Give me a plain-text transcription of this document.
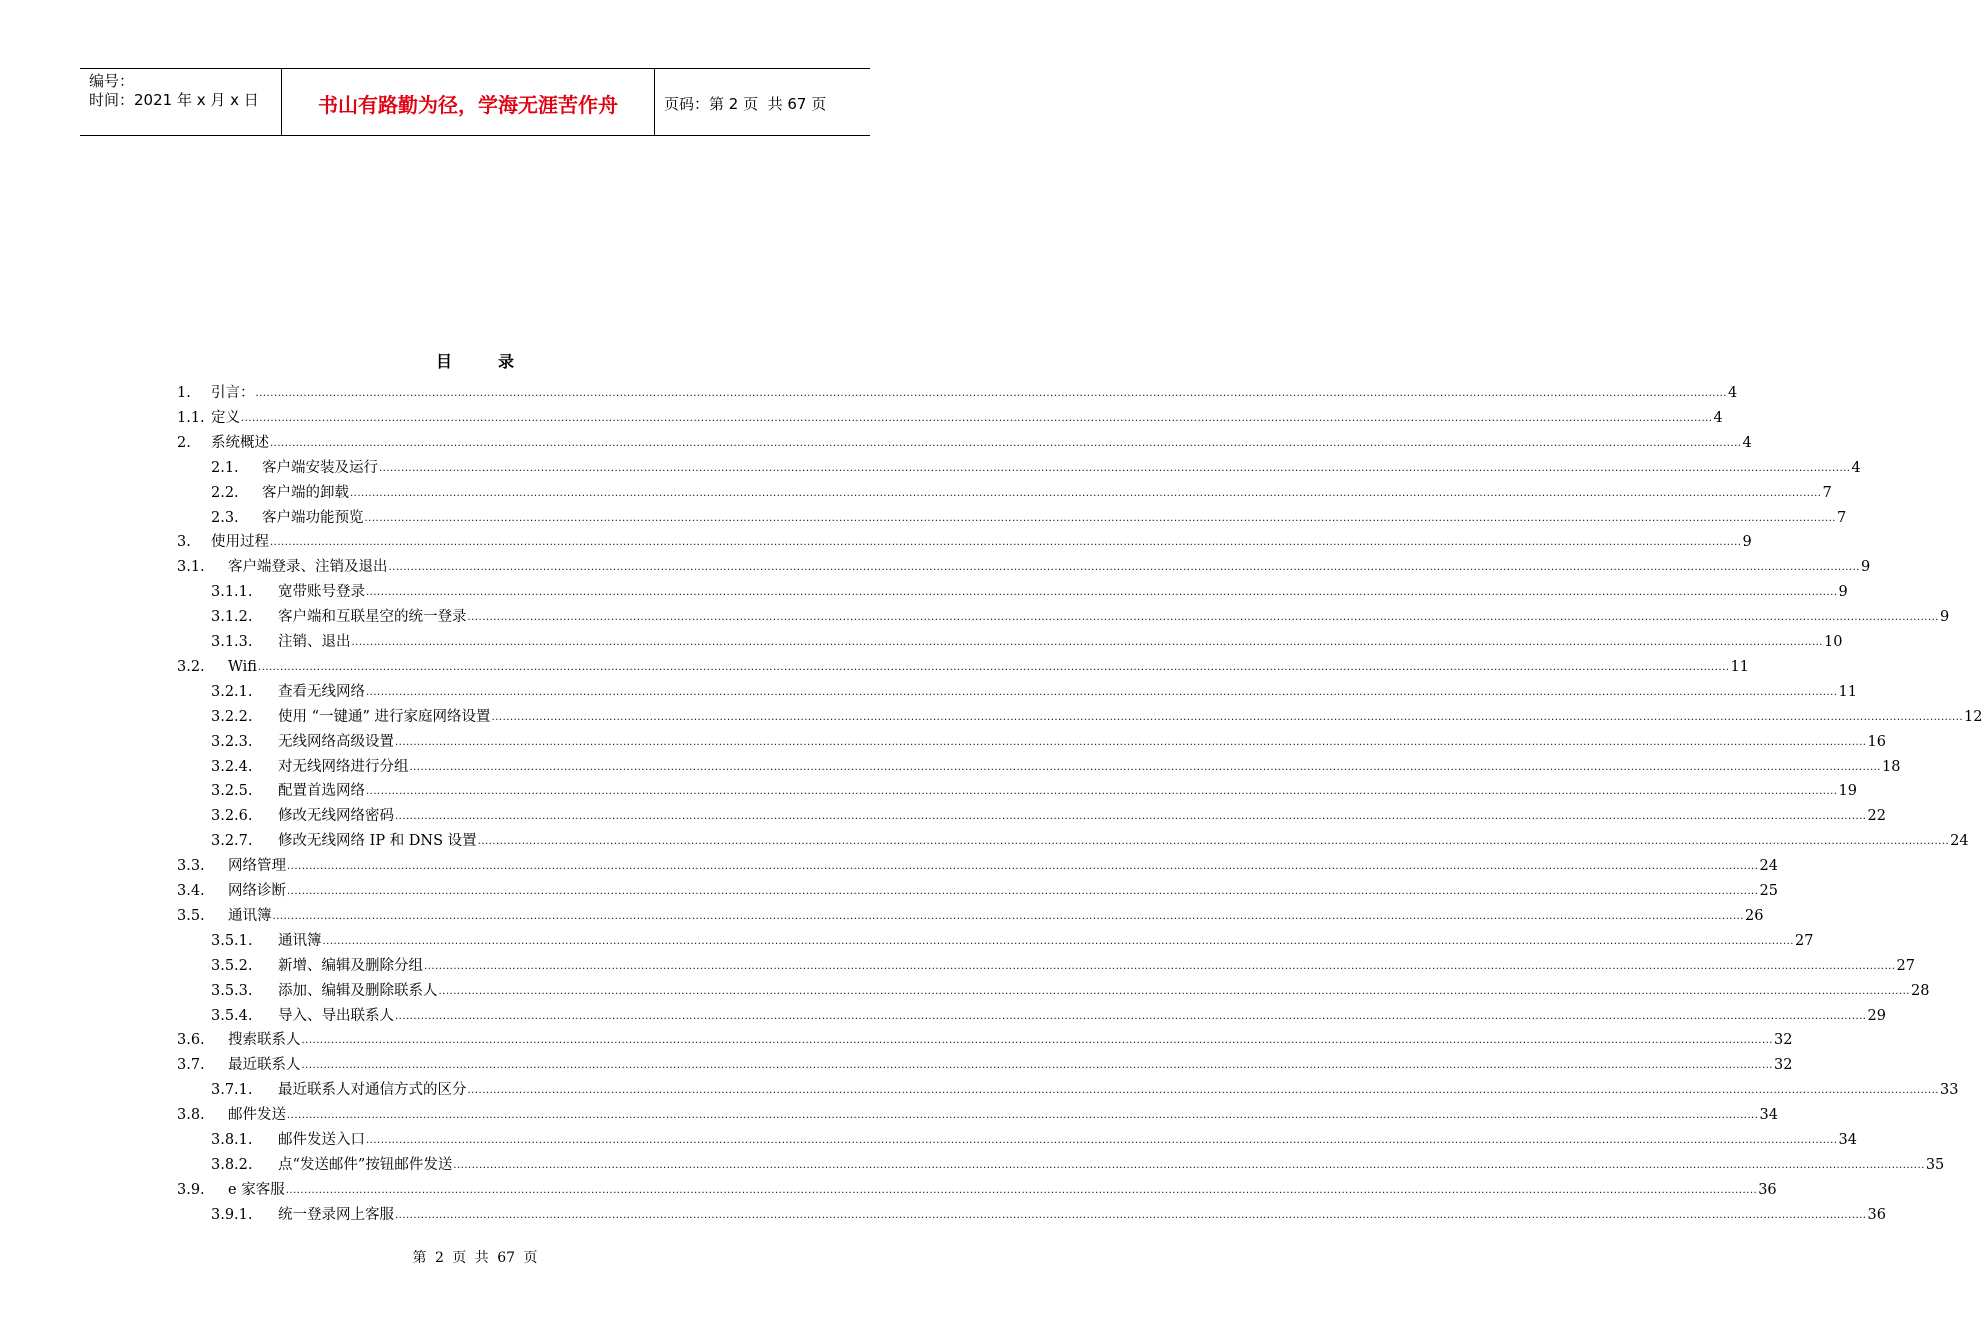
编号：
时间：2021 年 x 月 x 日	书山有路勤为径，学海无涯苦作舟	页码：第 2 页  共 67 页
目	录
1. 引言： ................................................................................................................................................................................................................................................................................................................................................................................................................ 4
1.1. 定义 ................................................................................................................................................................................................................................................................................................................................................................................................................ 4
2. 系统概述 ................................................................................................................................................................................................................................................................................................................................................................................................................ 4
2.1. 客户端安装及运行 ................................................................................................................................................................................................................................................................................................................................................................................................................ 4
2.2. 客户端的卸载 ................................................................................................................................................................................................................................................................................................................................................................................................................ 7
2.3. 客户端功能预览 ................................................................................................................................................................................................................................................................................................................................................................................................................ 7
3. 使用过程 ................................................................................................................................................................................................................................................................................................................................................................................................................ 9
3.1. 客户端登录、注销及退出 ................................................................................................................................................................................................................................................................................................................................................................................................................ 9
3.1.1. 宽带账号登录 ................................................................................................................................................................................................................................................................................................................................................................................................................ 9
3.1.2. 客户端和互联星空的统一登录 ................................................................................................................................................................................................................................................................................................................................................................................................................ 9
3.1.3. 注销、退出 ................................................................................................................................................................................................................................................................................................................................................................................................................ 10
3.2. Wifi ................................................................................................................................................................................................................................................................................................................................................................................................................ 11
3.2.1. 查看无线网络 ................................................................................................................................................................................................................................................................................................................................................................................................................ 11
3.2.2. 使用 “一键通” 进行家庭网络设置 ................................................................................................................................................................................................................................................................................................................................................................................................................ 12
3.2.3. 无线网络高级设置 ................................................................................................................................................................................................................................................................................................................................................................................................................ 16
3.2.4. 对无线网络进行分组 ................................................................................................................................................................................................................................................................................................................................................................................................................ 18
3.2.5. 配置首选网络 ................................................................................................................................................................................................................................................................................................................................................................................................................ 19
3.2.6. 修改无线网络密码 ................................................................................................................................................................................................................................................................................................................................................................................................................ 22
3.2.7. 修改无线网络 IP 和 DNS 设置 ................................................................................................................................................................................................................................................................................................................................................................................................................ 24
3.3. 网络管理 ................................................................................................................................................................................................................................................................................................................................................................................................................ 24
3.4. 网络诊断 ................................................................................................................................................................................................................................................................................................................................................................................................................ 25
3.5. 通讯簿 ................................................................................................................................................................................................................................................................................................................................................................................................................ 26
3.5.1. 通讯簿 ................................................................................................................................................................................................................................................................................................................................................................................................................ 27
3.5.2. 新增、编辑及删除分组 ................................................................................................................................................................................................................................................................................................................................................................................................................ 27
3.5.3. 添加、编辑及删除联系人 ................................................................................................................................................................................................................................................................................................................................................................................................................ 28
3.5.4. 导入、导出联系人 ................................................................................................................................................................................................................................................................................................................................................................................................................ 29
3.6. 搜索联系人 ................................................................................................................................................................................................................................................................................................................................................................................................................ 32
3.7. 最近联系人 ................................................................................................................................................................................................................................................................................................................................................................................................................ 32
3.7.1. 最近联系人对通信方式的区分 ................................................................................................................................................................................................................................................................................................................................................................................................................ 33
3.8. 邮件发送 ................................................................................................................................................................................................................................................................................................................................................................................................................ 34
3.8.1. 邮件发送入口 ................................................................................................................................................................................................................................................................................................................................................................................................................ 34
3.8.2. 点“发送邮件”按钮邮件发送 ................................................................................................................................................................................................................................................................................................................................................................................................................ 35
3.9. e 家客服 ................................................................................................................................................................................................................................................................................................................................................................................................................ 36
3.9.1. 统一登录网上客服 ................................................................................................................................................................................................................................................................................................................................................................................................................ 36
第 2 页 共 67 页
